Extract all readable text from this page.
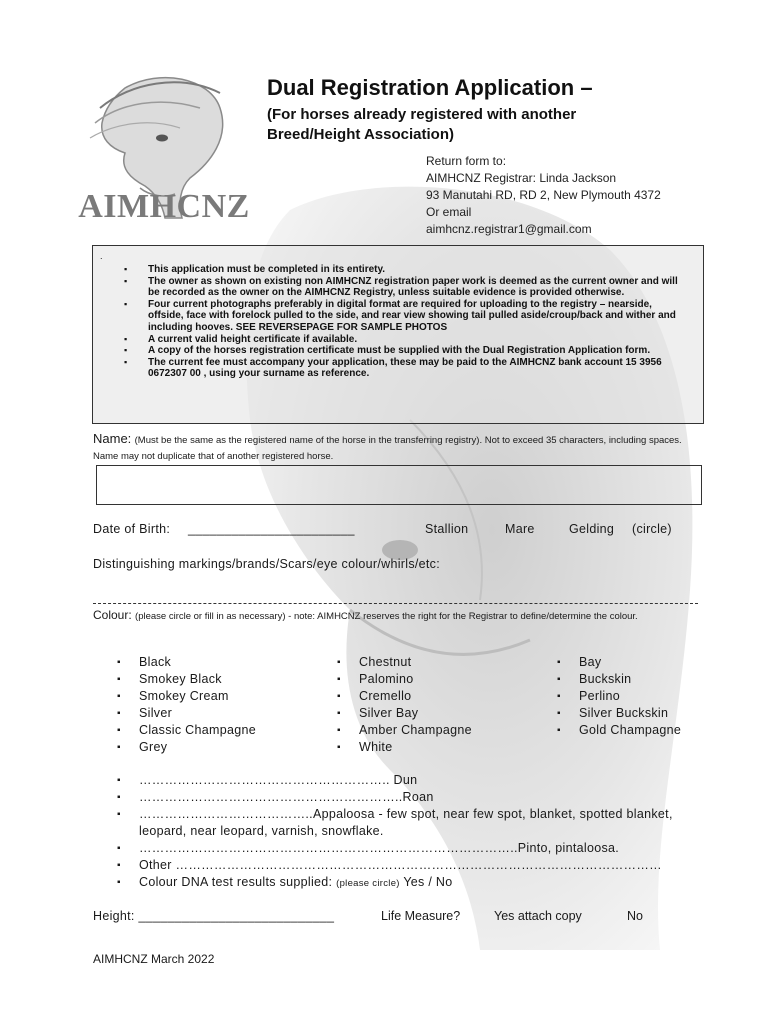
AIMHCNZ
Dual Registration Application –
(For horses already registered with another
Breed/Height Association)
Return form to:
AIMHCNZ Registrar: Linda Jackson
93 Manutahi RD, RD 2, New Plymouth 4372
Or email
aimhcnz.registrar1@gmail.com
.
▪ This application must be completed in its entirety.
▪ The owner as shown on existing non AIMHCNZ registration paper work is deemed as the current owner and will be recorded as the owner on the AIMHCNZ Registry, unless suitable evidence is provided otherwise.
▪ Four current photographs preferably in digital format are required for uploading to the registry – nearside, offside, face with forelock pulled to the side, and rear view showing tail pulled aside/croup/back and wither and including hooves. SEE REVERSEPAGE FOR SAMPLE PHOTOS
▪ A current valid height certificate if available.
▪ A copy of the horses registration certificate must be supplied with the Dual Registration Application form.
▪ The current fee must accompany your application, these may be paid to the AIMHCNZ bank account 15 3956 0672307 00 , using your surname as reference.
Name: (Must be the same as the registered name of the horse in the transferring registry). Not to exceed 35 characters, including spaces. Name may not duplicate that of another registered horse.
Date of Birth: _______________________	Stallion	Mare	Gelding (circle)
Distinguishing markings/brands/Scars/eye colour/whirls/etc:
Colour: (please circle or fill in as necessary) - note: AIMHCNZ reserves the right for the Registrar to define/determine the colour.
▪ Black
▪ Smokey Black
▪ Smokey Cream
▪ Silver
▪ Classic Champagne
▪ Grey
▪ Chestnut
▪ Palomino
▪ Cremello
▪ Silver Bay
▪ Amber Champagne
▪ White
▪ Bay
▪ Buckskin
▪ Perlino
▪ Silver Buckskin
▪ Gold Champagne
▪ ………………………………………………….. Dun
▪ ……………………………………………………..Roan
▪ …………………………………..Appaloosa - few spot, near few spot, blanket, spotted blanket, leopard, near leopard, varnish, snowflake.
▪ ……………………………………………………………………………..Pinto, pintaloosa.
▪ Other ……………………………………………………………………………………………………
▪ Colour DNA test results supplied: (please circle) Yes / No
Height: ___________________________	Life Measure?	Yes attach copy	No
AIMHCNZ March 2022
